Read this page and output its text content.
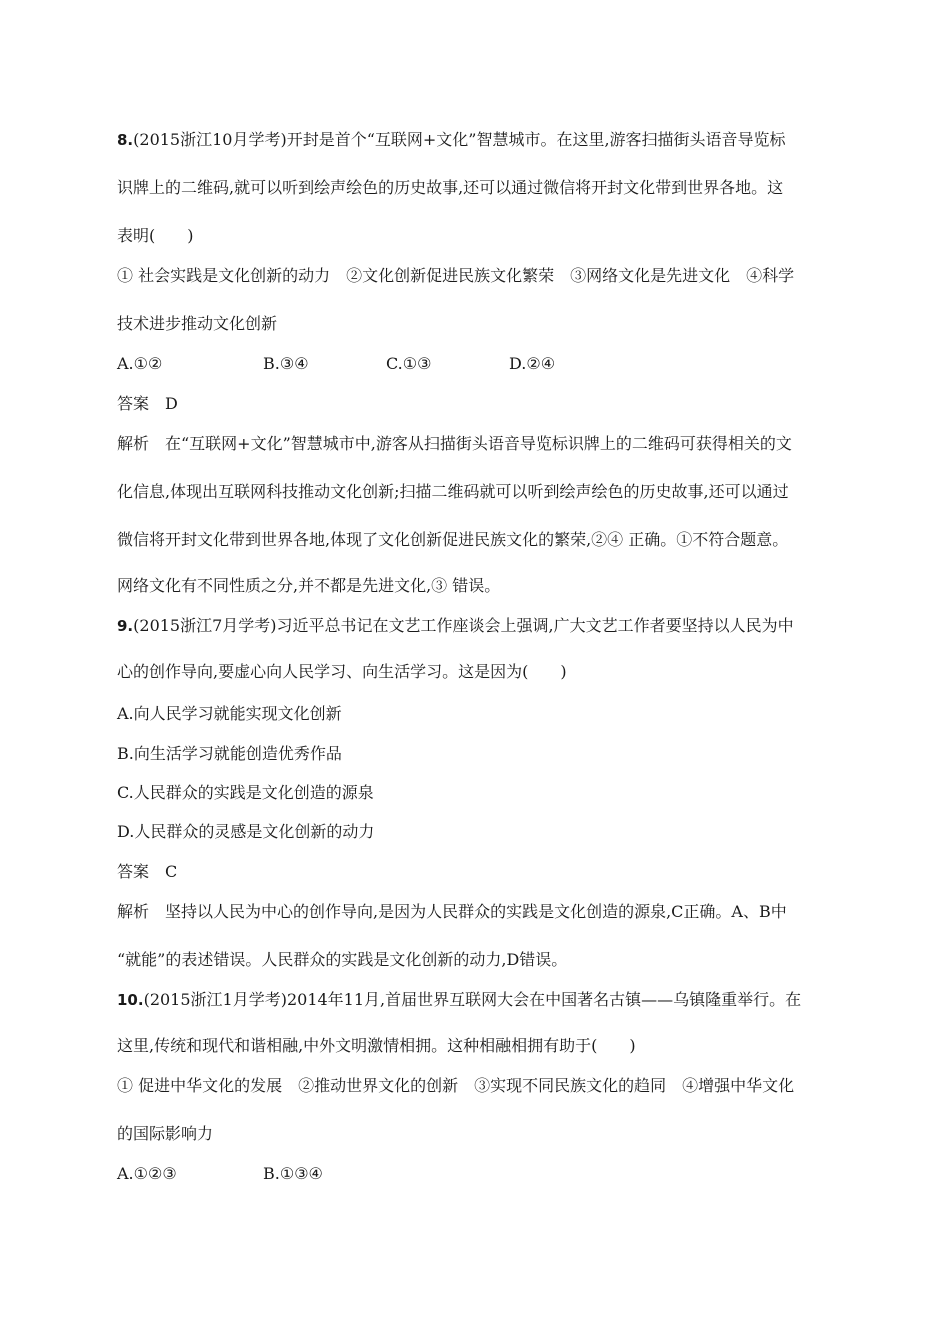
8.(2015浙江10月学考)开封是首个“互联网+文化”智慧城市。在这里,游客扫描街头语音导览标
识牌上的二维码,就可以听到绘声绘色的历史故事,还可以通过微信将开封文化带到世界各地。这
表明(　　)
① 社会实践是文化创新的动力　②文化创新促进民族文化繁荣　③网络文化是先进文化　④科学
技术进步推动文化创新
A.①②	B.③④	C.①③	D.②④
答案　D
解析　在“互联网+文化”智慧城市中,游客从扫描街头语音导览标识牌上的二维码可获得相关的文
化信息,体现出互联网科技推动文化创新;扫描二维码就可以听到绘声绘色的历史故事,还可以通过
微信将开封文化带到世界各地,体现了文化创新促进民族文化的繁荣,②④ 正确。①不符合题意。
网络文化有不同性质之分,并不都是先进文化,③ 错误。
9.(2015浙江7月学考)习近平总书记在文艺工作座谈会上强调,广大文艺工作者要坚持以人民为中
心的创作导向,要虚心向人民学习、向生活学习。这是因为(　　)
A.向人民学习就能实现文化创新
B.向生活学习就能创造优秀作品
C.人民群众的实践是文化创造的源泉
D.人民群众的灵感是文化创新的动力
答案　C
解析　坚持以人民为中心的创作导向,是因为人民群众的实践是文化创造的源泉,C正确。A、B中
“就能”的表述错误。人民群众的实践是文化创新的动力,D错误。
10.(2015浙江1月学考)2014年11月,首届世界互联网大会在中国著名古镇——乌镇隆重举行。在
这里,传统和现代和谐相融,中外文明激情相拥。这种相融相拥有助于(　　)
① 促进中华文化的发展　②推动世界文化的创新　③实现不同民族文化的趋同　④增强中华文化
的国际影响力
A.①②③	B.①③④
